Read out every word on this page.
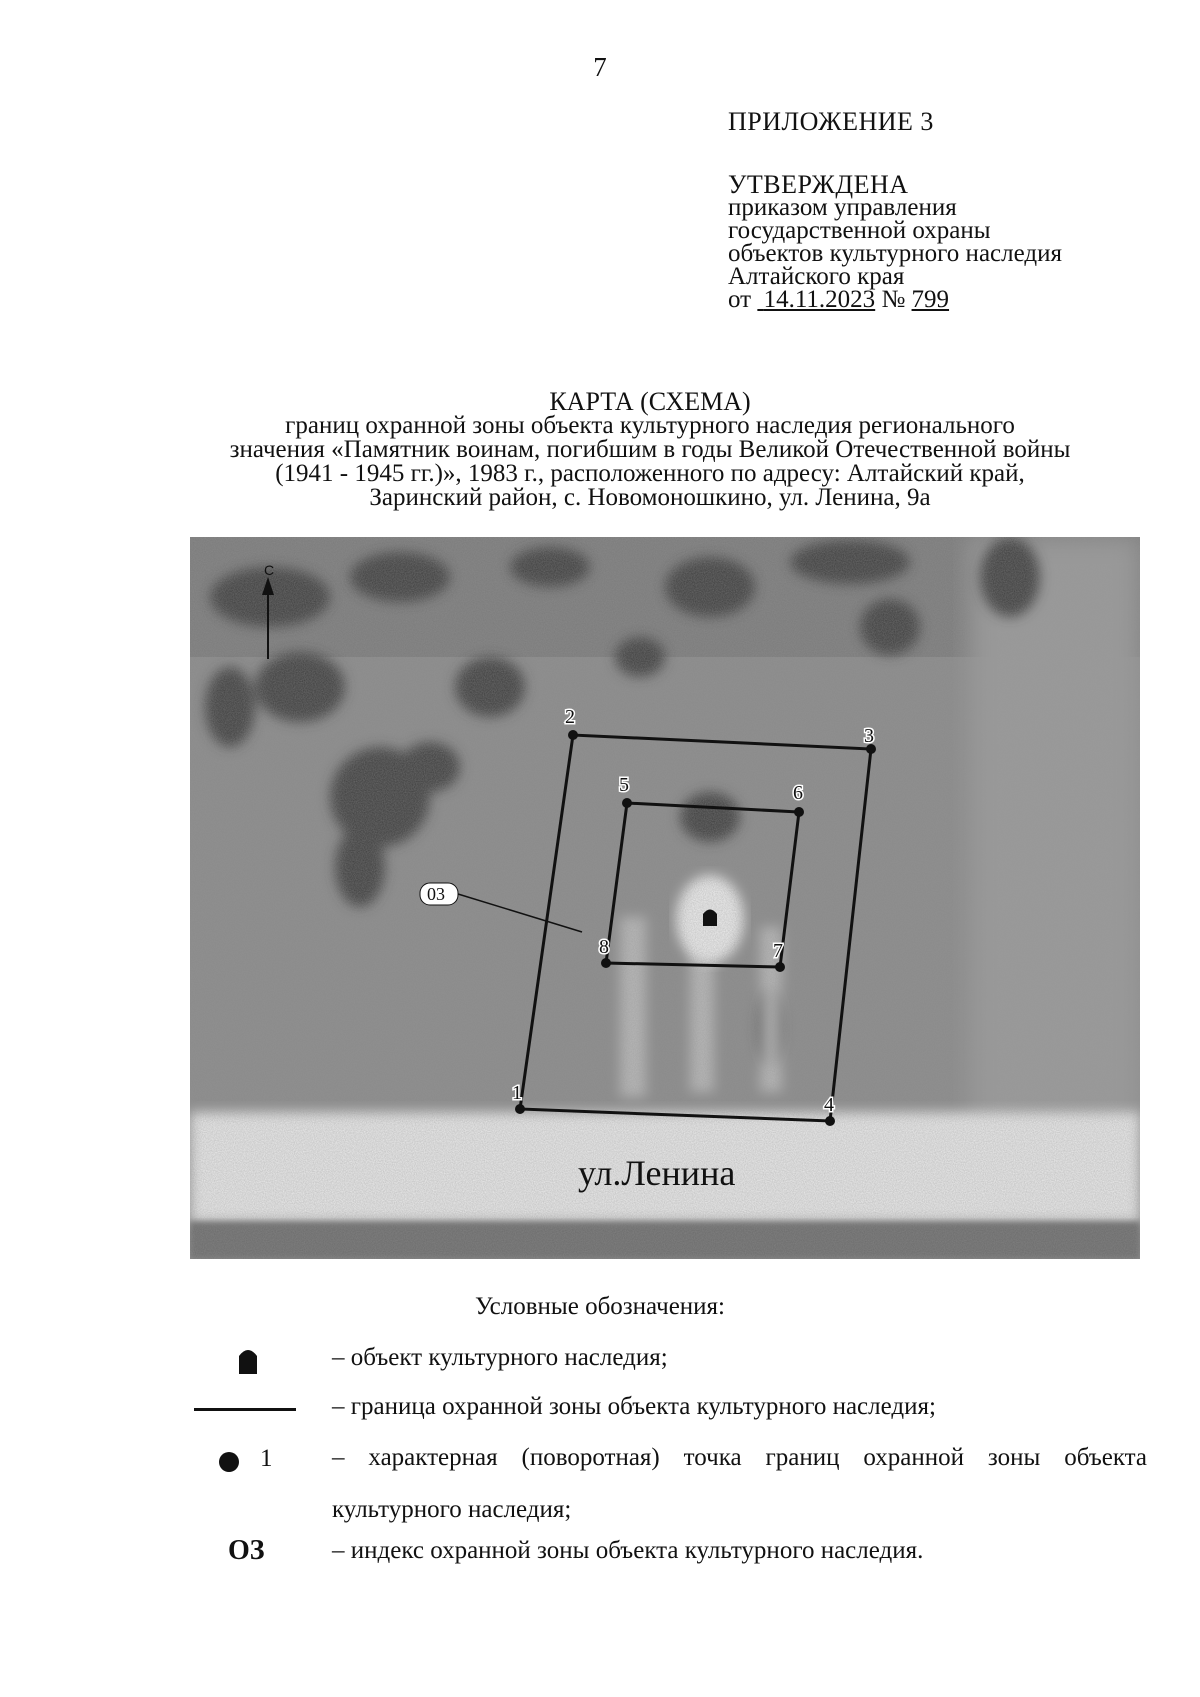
7
ПРИЛОЖЕНИЕ 3
УТВЕРЖДЕНА
приказом управления
государственной охраны
объектов культурного наследия
Алтайского края
от 14.11.2023 № 799
КАРТА (СХЕМА)
границ охранной зоны объекта культурного наследия регионального
значения «Памятник воинам, погибшим в годы Великой Отечественной войны
(1941 - 1945 гг.)», 1983 г., расположенного по адресу: Алтайский край,
Заринский район, с. Новомоношкино, ул. Ленина, 9а
С
03
1
2
3
4
5	6
7
8
ул.Ленина
Условные обозначения:
– объект культурного наследия;
– граница охранной зоны объекта культурного наследия;
1 – характерная (поворотная) точка границ охранной зоны объекта культурного наследия;
ОЗ	– индекс охранной зоны объекта культурного наследия.
